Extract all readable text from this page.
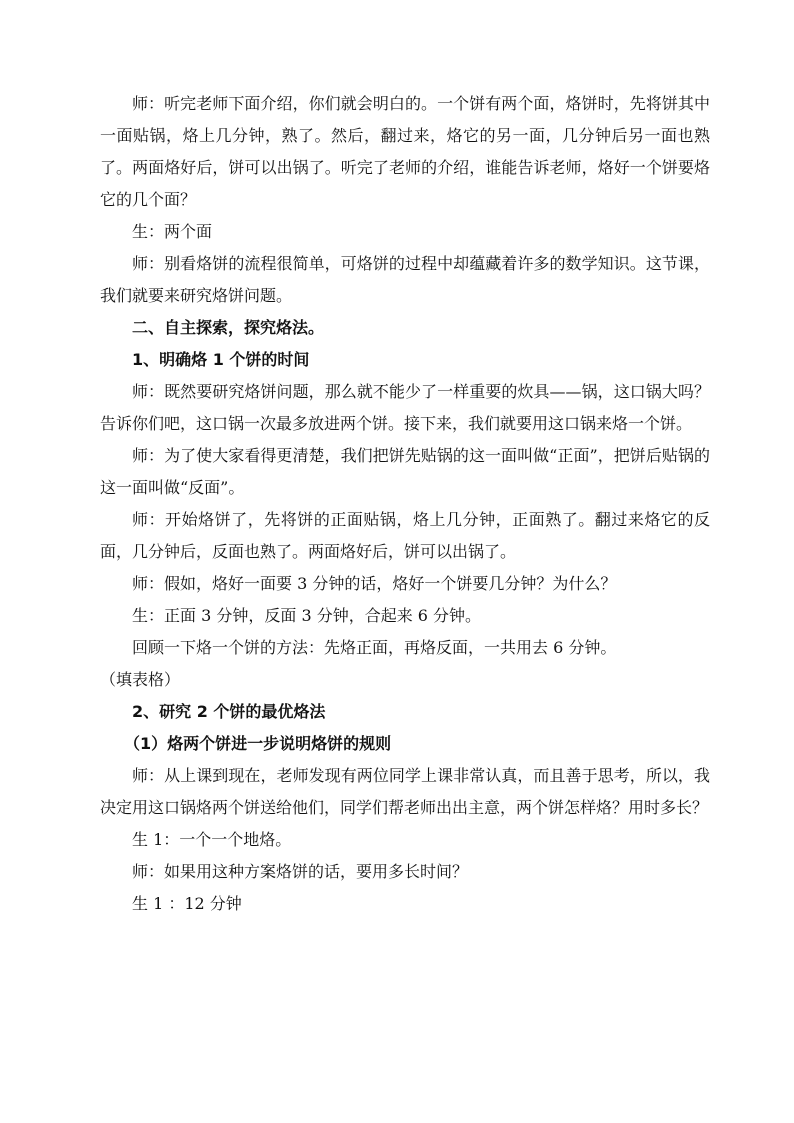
师：听完老师下面介绍，你们就会明白的。一个饼有两个面，烙饼时，先将饼其中一面贴锅，烙上几分钟，熟了。然后，翻过来，烙它的另一面，几分钟后另一面也熟了。两面烙好后，饼可以出锅了。听完了老师的介绍，谁能告诉老师，烙好一个饼要烙它的几个面？

生：两个面

师：别看烙饼的流程很简单，可烙饼的过程中却蕴藏着许多的数学知识。这节课，我们就要来研究烙饼问题。

二、自主探索，探究烙法。

1、明确烙 1 个饼的时间

师：既然要研究烙饼问题，那么就不能少了一样重要的炊具——锅，这口锅大吗？告诉你们吧，这口锅一次最多放进两个饼。接下来，我们就要用这口锅来烙一个饼。

师：为了使大家看得更清楚，我们把饼先贴锅的这一面叫做“正面”，把饼后贴锅的这一面叫做“反面”。

师：开始烙饼了，先将饼的正面贴锅，烙上几分钟，正面熟了。翻过来烙它的反面，几分钟后，反面也熟了。两面烙好后，饼可以出锅了。

师：假如，烙好一面要 3 分钟的话，烙好一个饼要几分钟？为什么？

生：正面 3 分钟，反面 3 分钟，合起来 6 分钟。

回顾一下烙一个饼的方法：先烙正面，再烙反面，一共用去 6 分钟。

（填表格）

2、研究 2 个饼的最优烙法

（1）烙两个饼进一步说明烙饼的规则

师：从上课到现在，老师发现有两位同学上课非常认真，而且善于思考，所以，我决定用这口锅烙两个饼送给他们，同学们帮老师出出主意，两个饼怎样烙？用时多长？

生 1：一个一个地烙。

师：如果用这种方案烙饼的话，要用多长时间？

生 1 ：12 分钟
